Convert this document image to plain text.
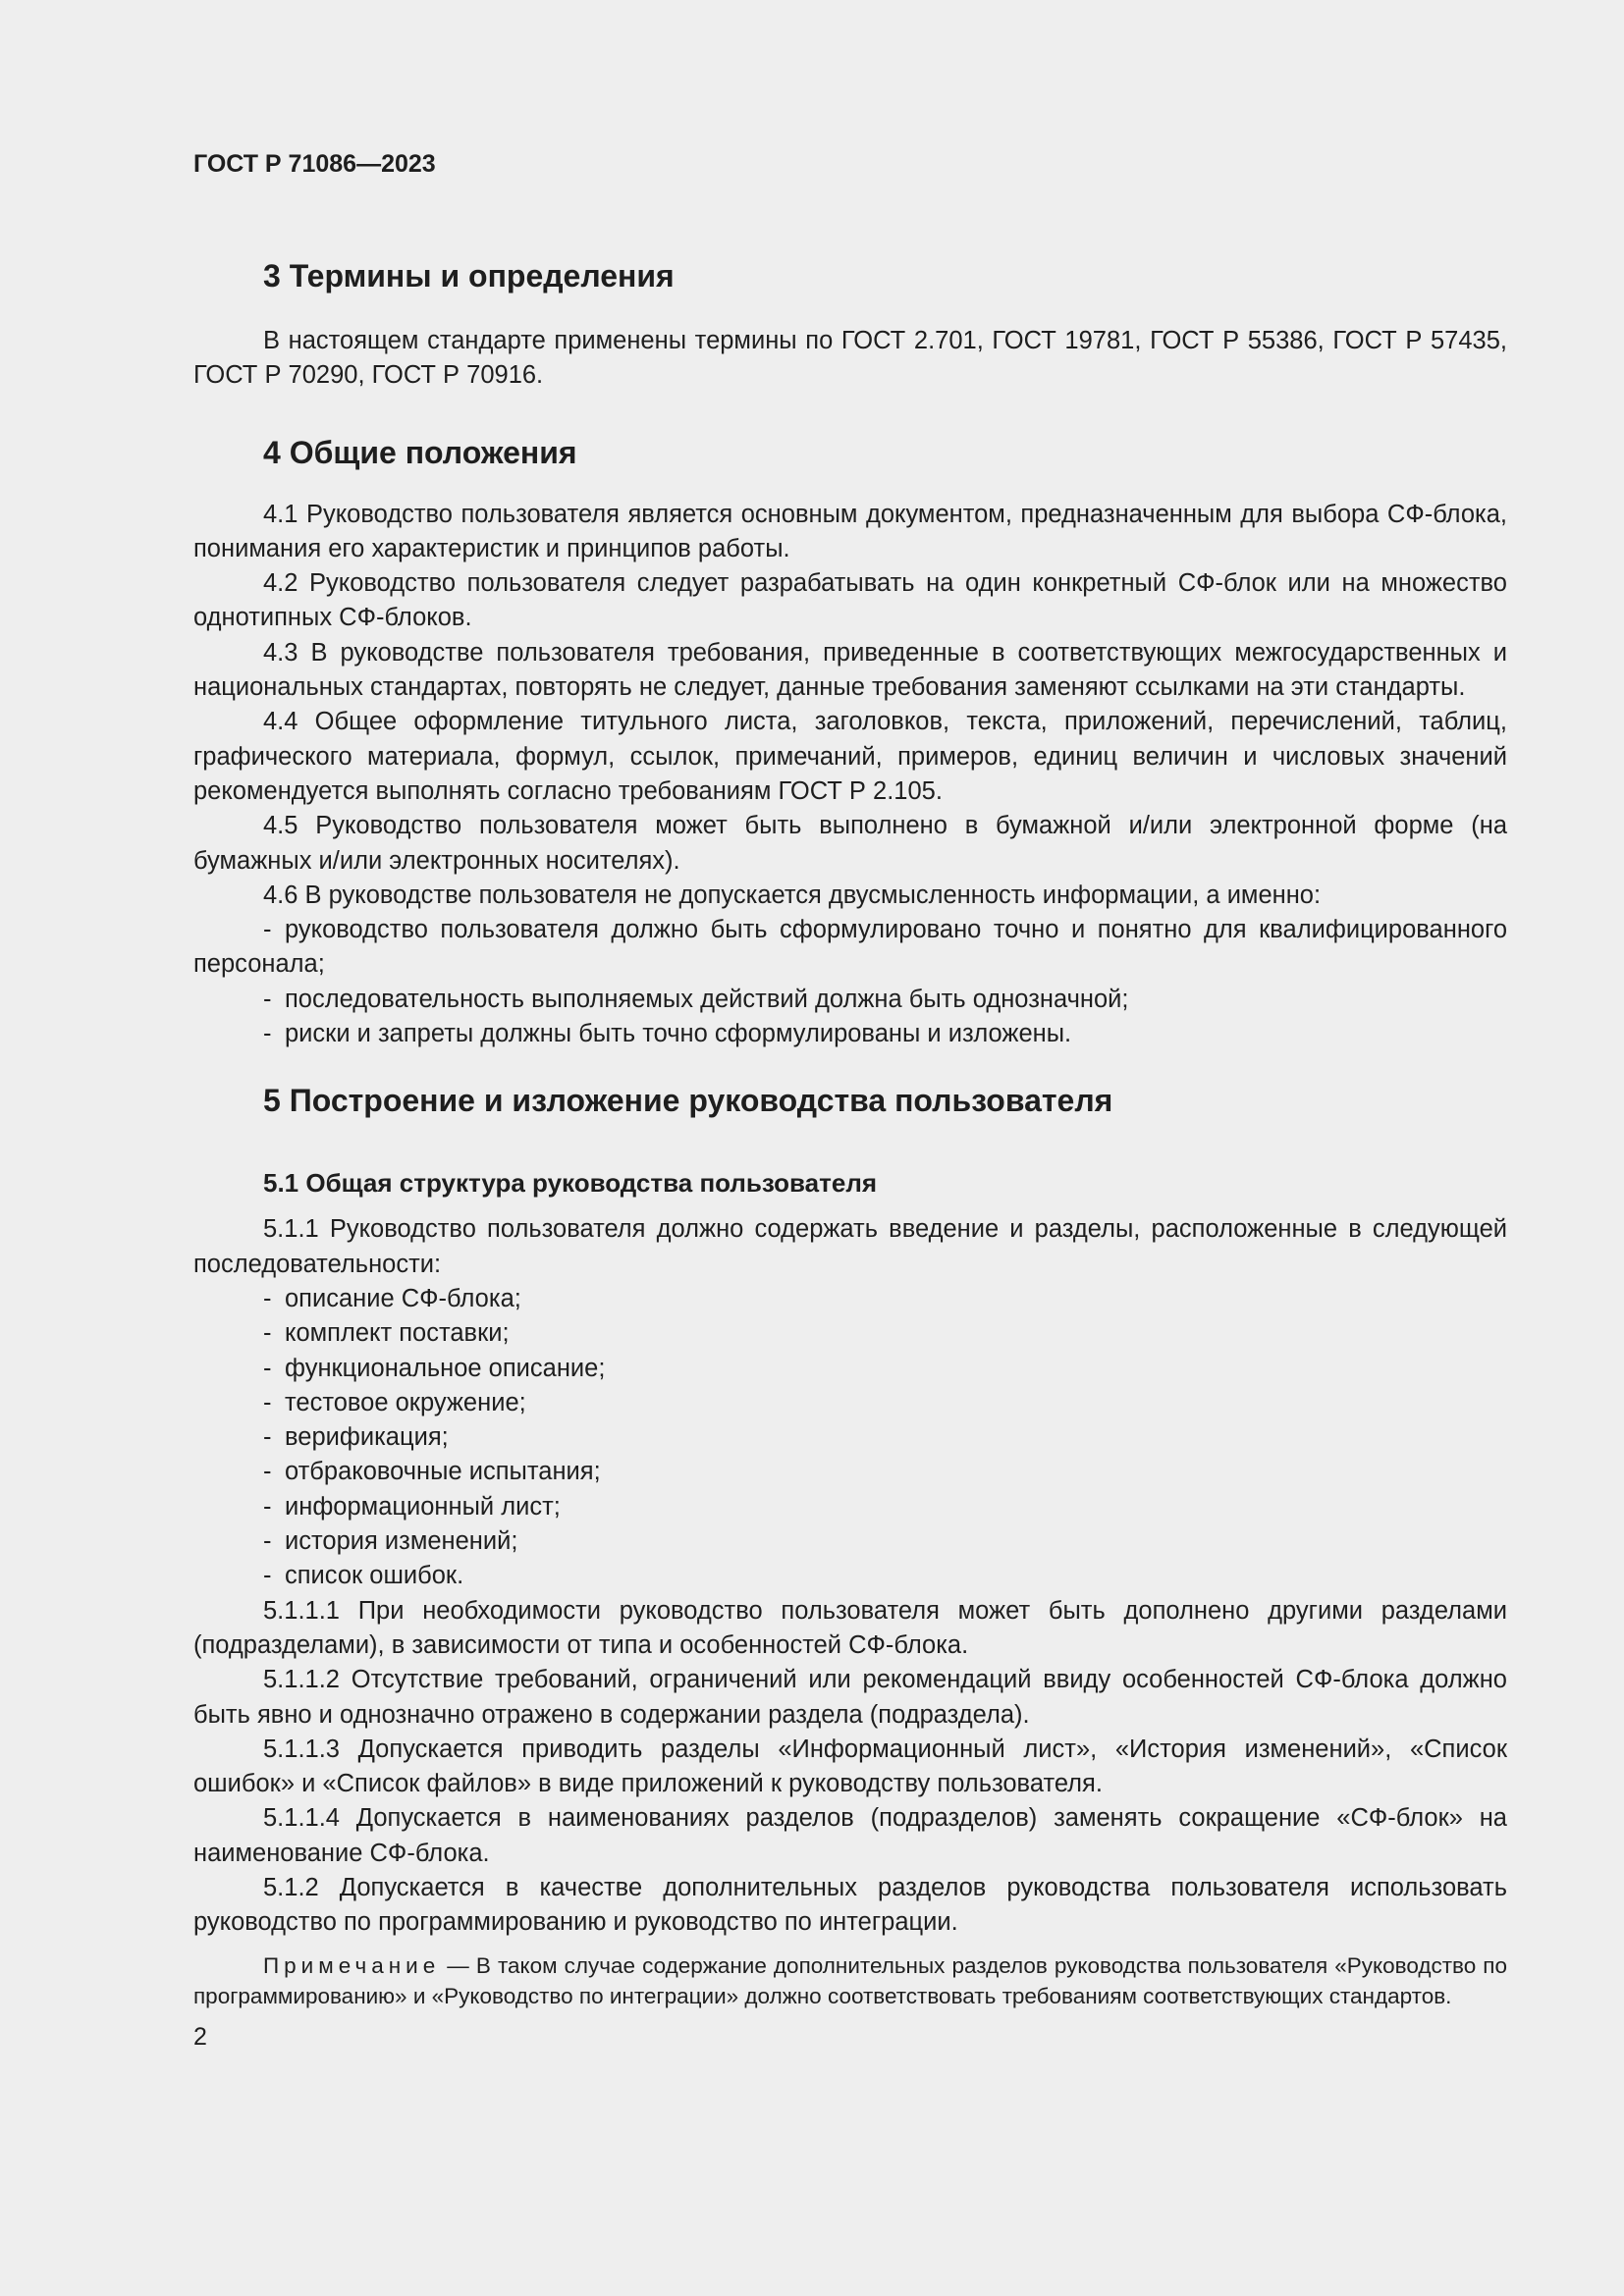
ГОСТ Р 71086—2023
3 Термины и определения

В настоящем стандарте применены термины по ГОСТ 2.701, ГОСТ 19781, ГОСТ Р 55386, ГОСТ Р 57435, ГОСТ Р 70290, ГОСТ Р 70916.

4 Общие положения

4.1 Руководство пользователя является основным документом, предназначенным для выбора СФ-блока, понимания его характеристик и принципов работы.

4.2 Руководство пользователя следует разрабатывать на один конкретный СФ-блок или на множество однотипных СФ-блоков.

4.3 В руководстве пользователя требования, приведенные в соответствующих межгосударственных и национальных стандартах, повторять не следует, данные требования заменяют ссылками на эти стандарты.

4.4 Общее оформление титульного листа, заголовков, текста, приложений, перечислений, таблиц, графического материала, формул, ссылок, примечаний, примеров, единиц величин и числовых значений рекомендуется выполнять согласно требованиям ГОСТ Р 2.105.

4.5 Руководство пользователя может быть выполнено в бумажной и/или электронной форме (на бумажных и/или электронных носителях).

4.6 В руководстве пользователя не допускается двусмысленность информации, а именно:

- руководство пользователя должно быть сформулировано точно и понятно для квалифицированного персонала;

- последовательность выполняемых действий должна быть однозначной;

- риски и запреты должны быть точно сформулированы и изложены.

5 Построение и изложение руководства пользователя
5.1 Общая структура руководства пользователя

5.1.1 Руководство пользователя должно содержать введение и разделы, расположенные в следующей последовательности:

- описание СФ-блока;

- комплект поставки;

- функциональное описание;

- тестовое окружение;

- верификация;

- отбраковочные испытания;

- информационный лист;

- история изменений;

- список ошибок.

5.1.1.1 При необходимости руководство пользователя может быть дополнено другими разделами (подразделами), в зависимости от типа и особенностей СФ-блока.

5.1.1.2 Отсутствие требований, ограничений или рекомендаций ввиду особенностей СФ-блока должно быть явно и однозначно отражено в содержании раздела (подраздела).

5.1.1.3 Допускается приводить разделы «Информационный лист», «История изменений», «Список ошибок» и «Список файлов» в виде приложений к руководству пользователя.

5.1.1.4 Допускается в наименованиях разделов (подразделов) заменять сокращение «СФ-блок» на наименование СФ-блока.

5.1.2 Допускается в качестве дополнительных разделов руководства пользователя использовать руководство по программированию и руководство по интеграции.

Примечание — В таком случае содержание дополнительных разделов руководства пользователя «Руководство по программированию» и «Руководство по интеграции» должно соответствовать требованиям соответствующих стандартов.

2
